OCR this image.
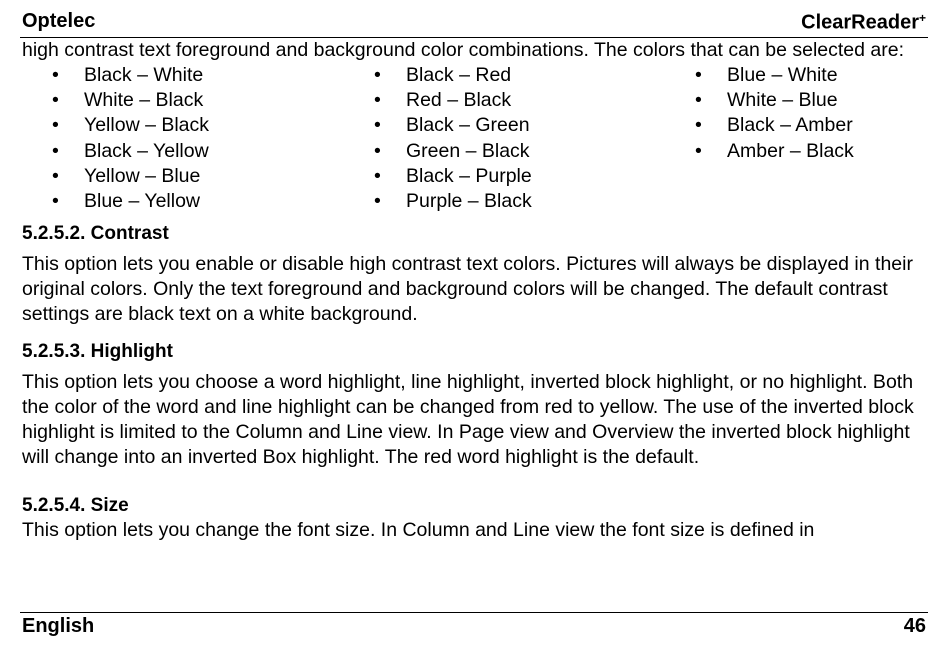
Optelec	ClearReader+

high contrast text foreground and background color combinations. The colors that can be selected are:

• Black – White
• White – Black
• Yellow – Black
• Black – Yellow
• Yellow – Blue
• Blue – Yellow
• Black – Red
• Red – Black
• Black – Green
• Green – Black
• Black – Purple
• Purple – Black
• Blue – White
• White – Blue
• Black – Amber
• Amber – Black
5.2.5.2. Contrast

This option lets you enable or disable high contrast text colors. Pictures will always be displayed in their original colors. Only the text foreground and background colors will be changed. The default contrast settings are black text on a white background.

5.2.5.3. Highlight

This option lets you choose a word highlight, line highlight, inverted block highlight, or no highlight. Both the color of the word and line highlight can be changed from red to yellow. The use of the inverted block highlight is limited to the Column and Line view. In Page view and Overview the inverted block highlight will change into an inverted Box highlight. The red word highlight is the default.

5.2.5.4. Size

This option lets you change the font size. In Column and Line view the font size is defined in

English	46
